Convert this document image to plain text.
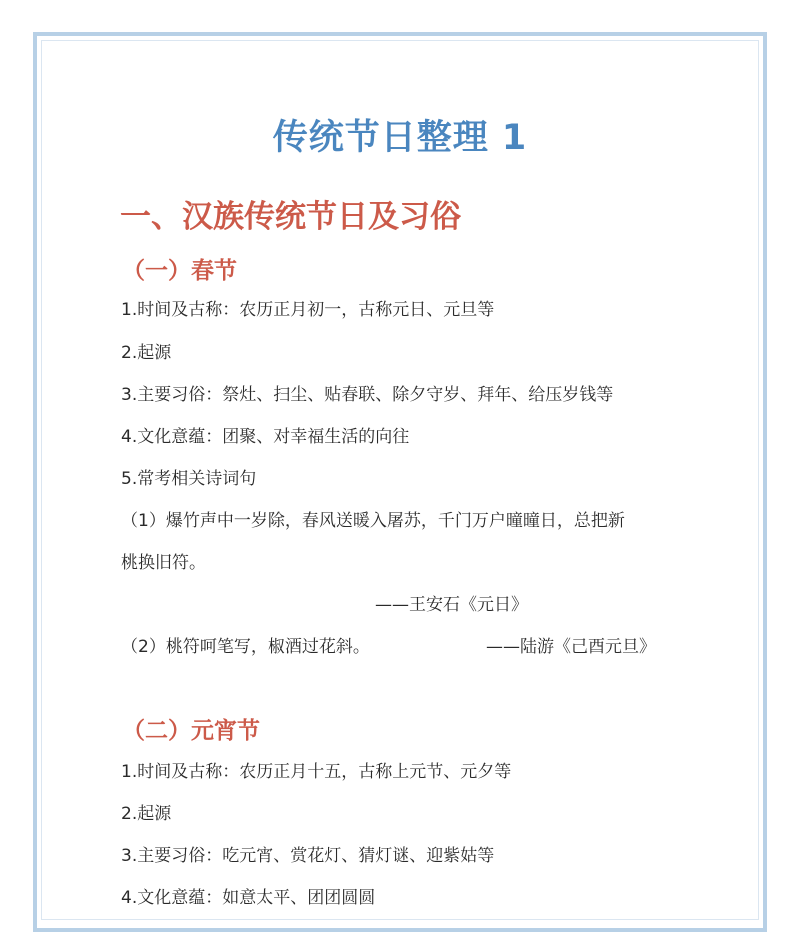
传统节日整理 1
一、汉族传统节日及习俗
（一）春节

1.时间及古称：农历正月初一，古称元日、元旦等

2.起源

3.主要习俗：祭灶、扫尘、贴春联、除夕守岁、拜年、给压岁钱等

4.文化意蕴：团聚、对幸福生活的向往

5.常考相关诗词句

（1）爆竹声中一岁除，春风送暖入屠苏，千门万户曈曈日，总把新

桃换旧符。

——王安石《元日》

（2）桃符呵笔写，椒酒过花斜。	——陆游《己酉元旦》

（二）元宵节

1.时间及古称：农历正月十五，古称上元节、元夕等

2.起源

3.主要习俗：吃元宵、赏花灯、猜灯谜、迎紫姑等

4.文化意蕴：如意太平、团团圆圆
